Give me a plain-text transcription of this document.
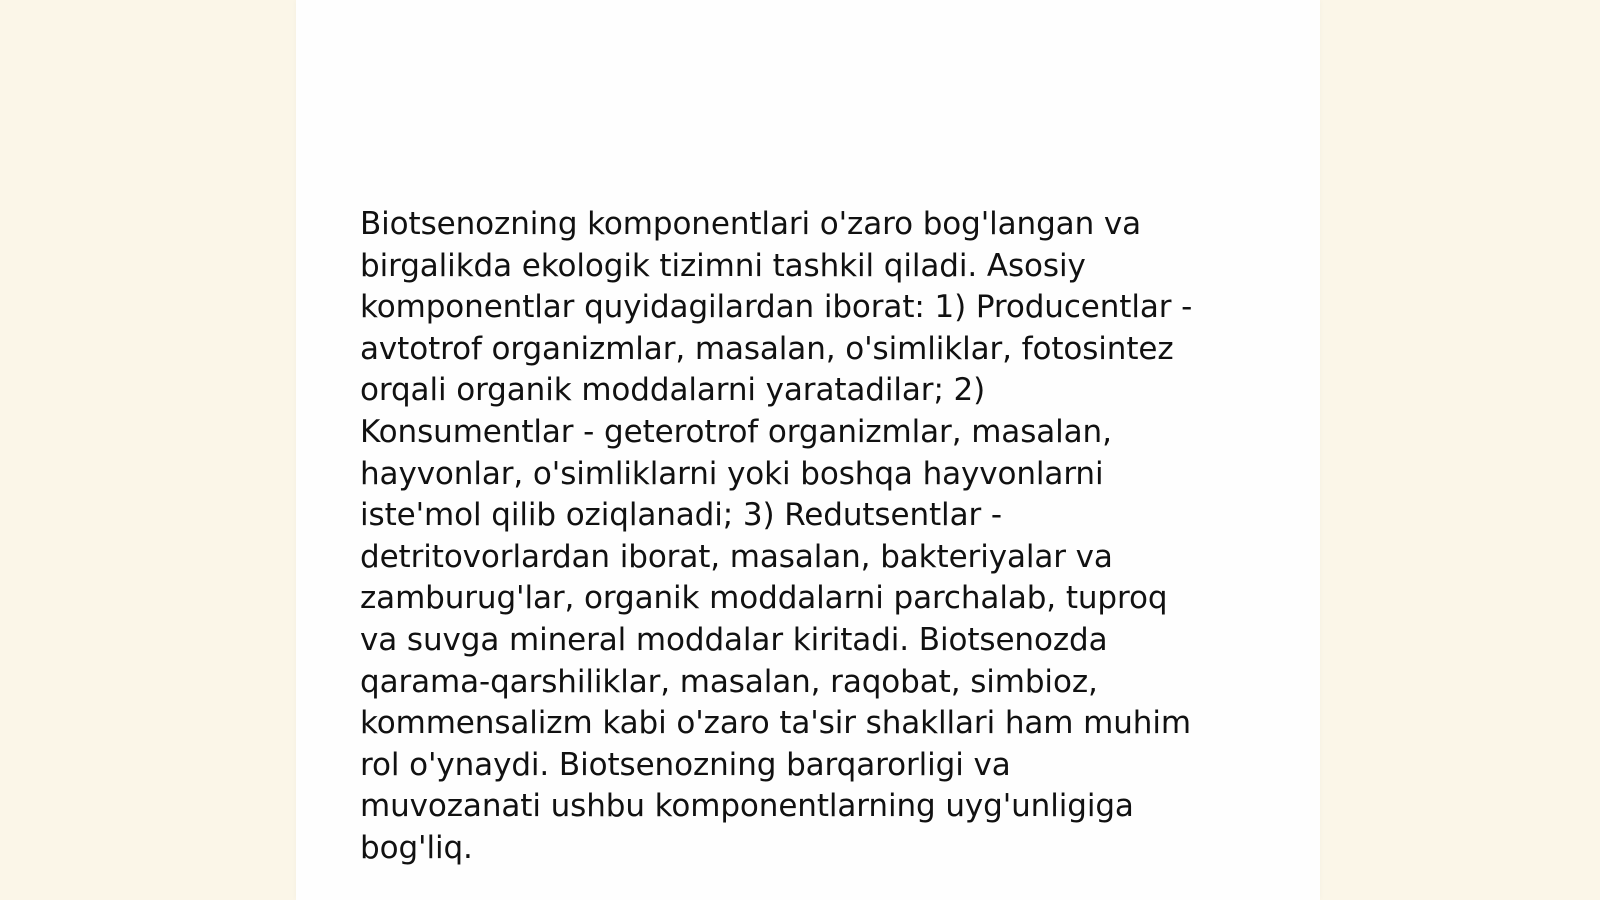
Biotsenozning komponentlari o'zaro bog'langan va
birgalikda ekologik tizimni tashkil qiladi. Asosiy
komponentlar quyidagilardan iborat: 1) Producentlar -
avtotrof organizmlar, masalan, o'simliklar, fotosintez
orqali organik moddalarni yaratadilar; 2)
Konsumentlar - geterotrof organizmlar, masalan,
hayvonlar, o'simliklarni yoki boshqa hayvonlarni
iste'mol qilib oziqlanadi; 3) Redutsentlar -
detritovorlardan iborat, masalan, bakteriyalar va
zamburug'lar, organik moddalarni parchalab, tuproq
va suvga mineral moddalar kiritadi. Biotsenozda
qarama-qarshiliklar, masalan, raqobat, simbioz,
kommensalizm kabi o'zaro ta'sir shakllari ham muhim
rol o'ynaydi. Biotsenozning barqarorligi va
muvozanati ushbu komponentlarning uyg'unligiga
bog'liq.
